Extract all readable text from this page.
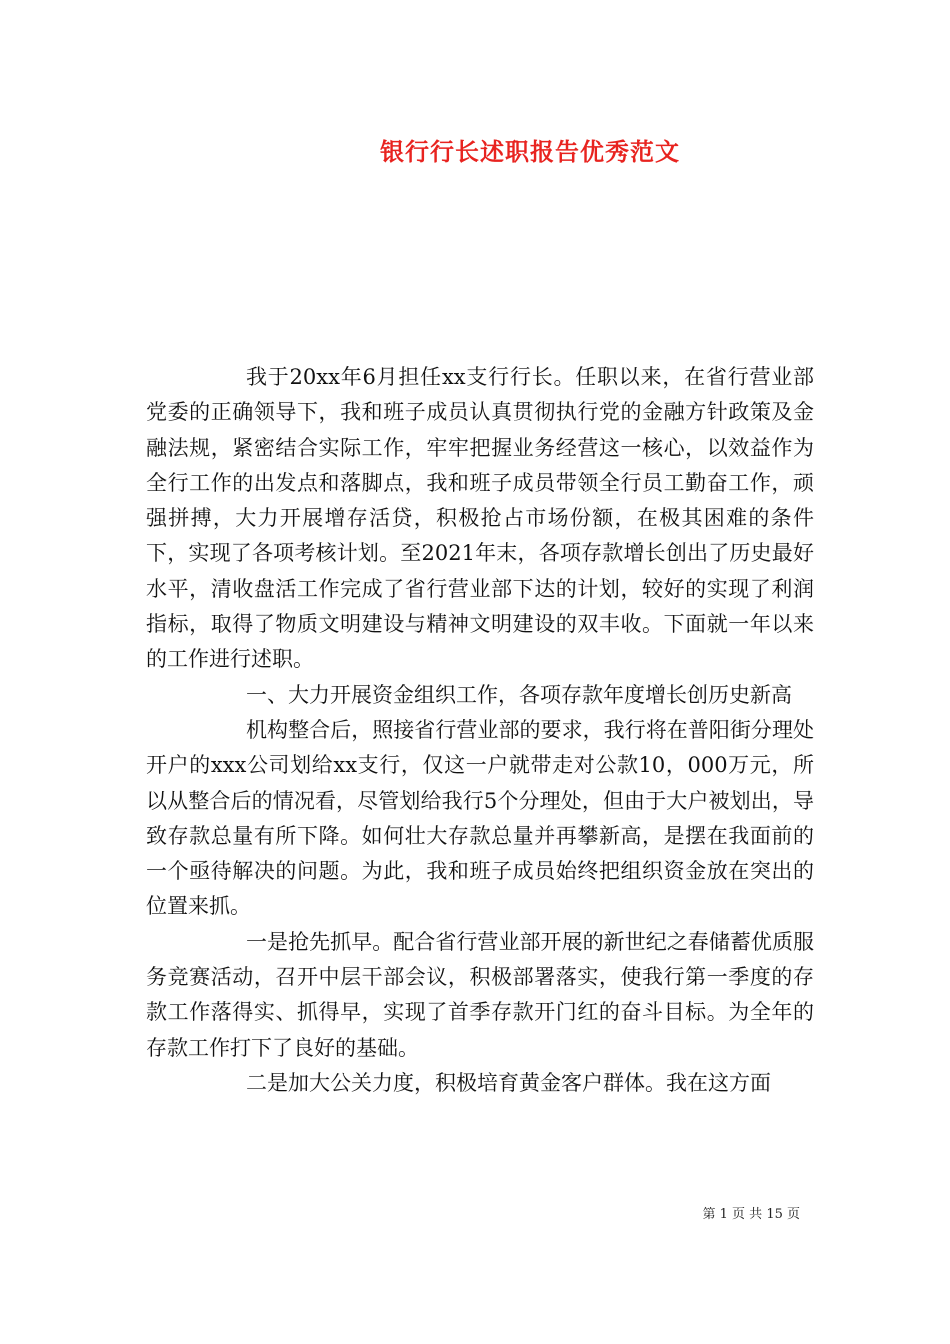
银行行长述职报告优秀范文

我于20xx年6月担任xx支行行长。任职以来，在省行营业部党委的正确领导下，我和班子成员认真贯彻执行党的金融方针政策及金融法规，紧密结合实际工作，牢牢把握业务经营这一核心，以效益作为全行工作的出发点和落脚点，我和班子成员带领全行员工勤奋工作，顽强拼搏，大力开展增存活贷，积极抢占市场份额，在极其困难的条件下，实现了各项考核计划。至2021年末，各项存款增长创出了历史最好水平，清收盘活工作完成了省行营业部下达的计划，较好的实现了利润指标，取得了物质文明建设与精神文明建设的双丰收。下面就一年以来的工作进行述职。

一、大力开展资金组织工作，各项存款年度增长创历史新高

机构整合后，照接省行营业部的要求，我行将在普阳街分理处开户的xxx公司划给xx支行，仅这一户就带走对公款10，000万元，所以从整合后的情况看，尽管划给我行5个分理处，但由于大户被划出，导致存款总量有所下降。如何壮大存款总量并再攀新高，是摆在我面前的一个亟待解决的问题。为此，我和班子成员始终把组织资金放在突出的位置来抓。

一是抢先抓早。配合省行营业部开展的新世纪之春储蓄优质服务竞赛活动，召开中层干部会议，积极部署落实，使我行第一季度的存款工作落得实、抓得早，实现了首季存款开门红的奋斗目标。为全年的存款工作打下了良好的基础。

二是加大公关力度，积极培育黄金客户群体。我在这方面

第 1 页 共 15 页
